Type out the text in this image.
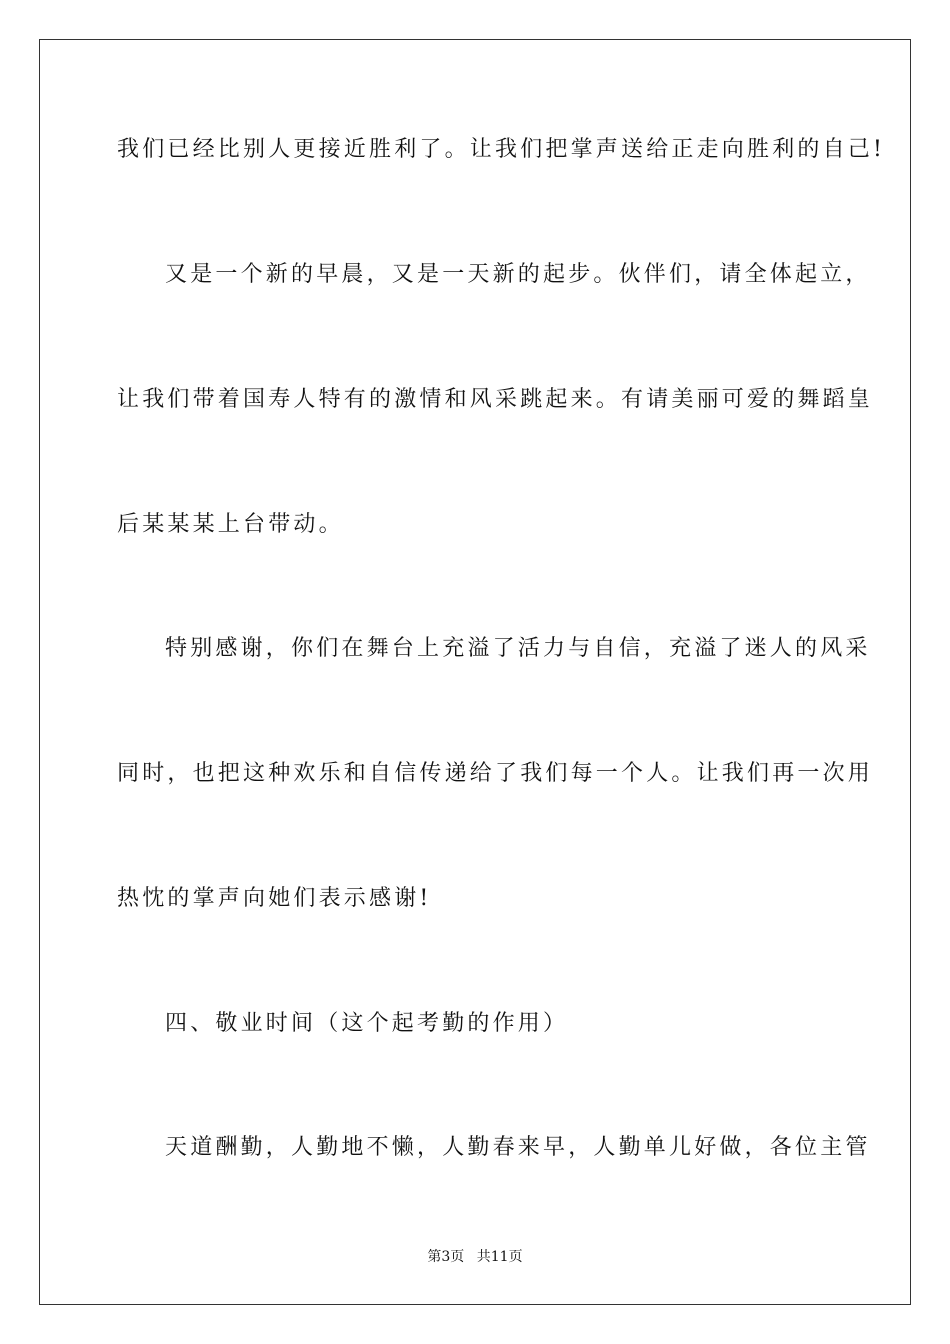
我们已经比别人更接近胜利了。让我们把掌声送给正走向胜利的自己!
又是一个新的早晨，又是一天新的起步。伙伴们，请全体起立，
让我们带着国寿人特有的激情和风采跳起来。有请美丽可爱的舞蹈皇
后某某某上台带动。
特别感谢，你们在舞台上充溢了活力与自信，充溢了迷人的风采
同时，也把这种欢乐和自信传递给了我们每一个人。让我们再一次用
热忱的掌声向她们表示感谢!
四、敬业时间（这个起考勤的作用）
天道酬勤，人勤地不懒，人勤春来早，人勤单儿好做，各位主管
第3页 共11页
